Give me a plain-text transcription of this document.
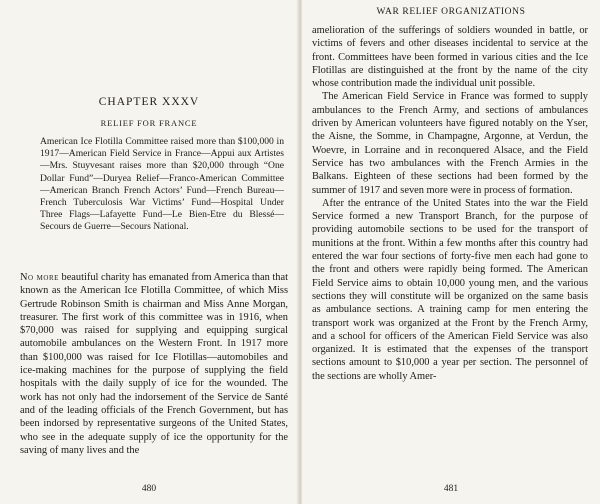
CHAPTER XXXV
RELIEF FOR FRANCE

American Ice Flotilla Committee raised more than $100,000 in 1917—American Field Service in France—Appui aux Artistes—Mrs. Stuyvesant raises more than $20,000 through “One Dollar Fund”—Duryea Relief—Franco-American Committee—American Branch French Actors’ Fund—French Bureau—French Tuberculosis War Victims’ Fund—Hospital Under Three Flags—Lafayette Fund—Le Bien-Etre du Blessé—Secours de Guerre—Secours National.

No more beautiful charity has emanated from America than that known as the American Ice Flotilla Committee, of which Miss Gertrude Robinson Smith is chairman and Miss Anne Morgan, treasurer. The first work of this committee was in 1916, when $70,000 was raised for supplying and equipping surgical automobile ambulances on the Western Front. In 1917 more than $100,000 was raised for Ice Flotillas—automobiles and ice-making machines for the purpose of supplying the field hospitals with the daily supply of ice for the wounded. The work has not only had the indorsement of the Service de Santé and of the leading officials of the French Government, but has been indorsed by representative surgeons of the United States, who see in the adequate supply of ice the opportunity for the saving of many lives and the

480
WAR RELIEF ORGANIZATIONS

amelioration of the sufferings of soldiers wounded in battle, or victims of fevers and other diseases incidental to service at the front. Committees have been formed in various cities and the Ice Flotillas are distinguished at the front by the name of the city whose contribution made the individual unit possible.

The American Field Service in France was formed to supply ambulances to the French Army, and sections of ambulances driven by American volunteers have figured notably on the Yser, the Aisne, the Somme, in Champagne, Argonne, at Verdun, the Woevre, in Lorraine and in reconquered Alsace, and the Field Service has two ambulances with the French Armies in the Balkans. Eighteen of these sections had been formed by the summer of 1917 and seven more were in process of formation.

After the entrance of the United States into the war the Field Service formed a new Transport Branch, for the purpose of providing automobile sections to be used for the transport of munitions at the front. Within a few months after this country had entered the war four sections of forty-five men each had gone to the front and others were rapidly being formed. The American Field Service aims to obtain 10,000 young men, and the various sections they will constitute will be organized on the same basis as ambulance sections. A training camp for men entering the transport work was organized at the Front by the French Army, and a school for officers of the American Field Service was also organized. It is estimated that the expenses of the transport sections amount to $10,000 a year per section. The personnel of the sections are wholly Amer-

481
